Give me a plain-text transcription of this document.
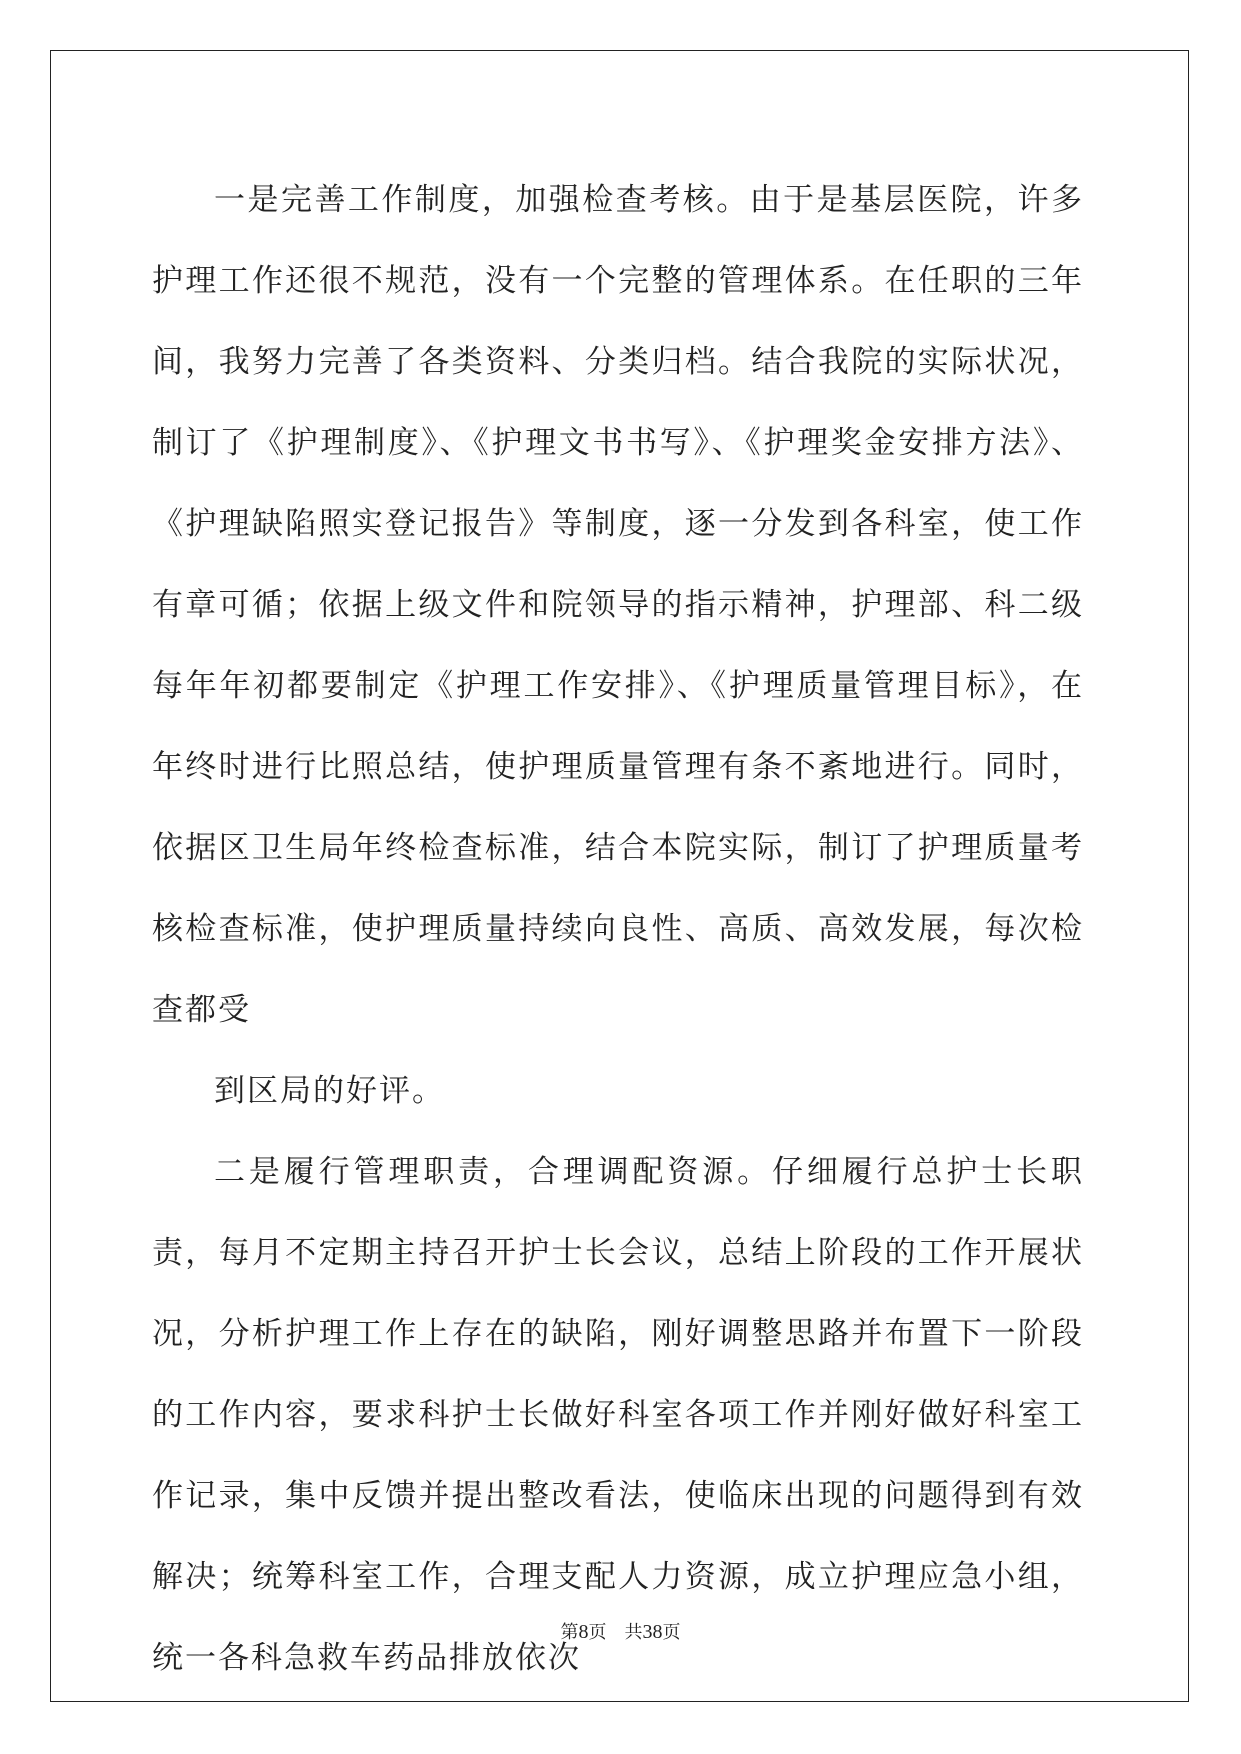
一是完善工作制度，加强检查考核。由于是基层医院，许多护理工作还很不规范，没有一个完整的管理体系。在任职的三年间，我努力完善了各类资料、分类归档。结合我院的实际状况，制订了《护理制度》、《护理文书书写》、《护理奖金安排方法》、《护理缺陷照实登记报告》等制度，逐一分发到各科室，使工作有章可循；依据上级文件和院领导的指示精神，护理部、科二级每年年初都要制定《护理工作安排》、《护理质量管理目标》，在年终时进行比照总结，使护理质量管理有条不紊地进行。同时，依据区卫生局年终检查标准，结合本院实际，制订了护理质量考核检查标准，使护理质量持续向良性、高质、高效发展，每次检查都受

到区局的好评。

二是履行管理职责，合理调配资源。仔细履行总护士长职责，每月不定期主持召开护士长会议，总结上阶段的工作开展状况，分析护理工作上存在的缺陷，刚好调整思路并布置下一阶段的工作内容，要求科护士长做好科室各项工作并刚好做好科室工作记录，集中反馈并提出整改看法，使临床出现的问题得到有效解决；统筹科室工作，合理支配人力资源，成立护理应急小组，统一各科急救车药品排放依次

第8页 共38页
